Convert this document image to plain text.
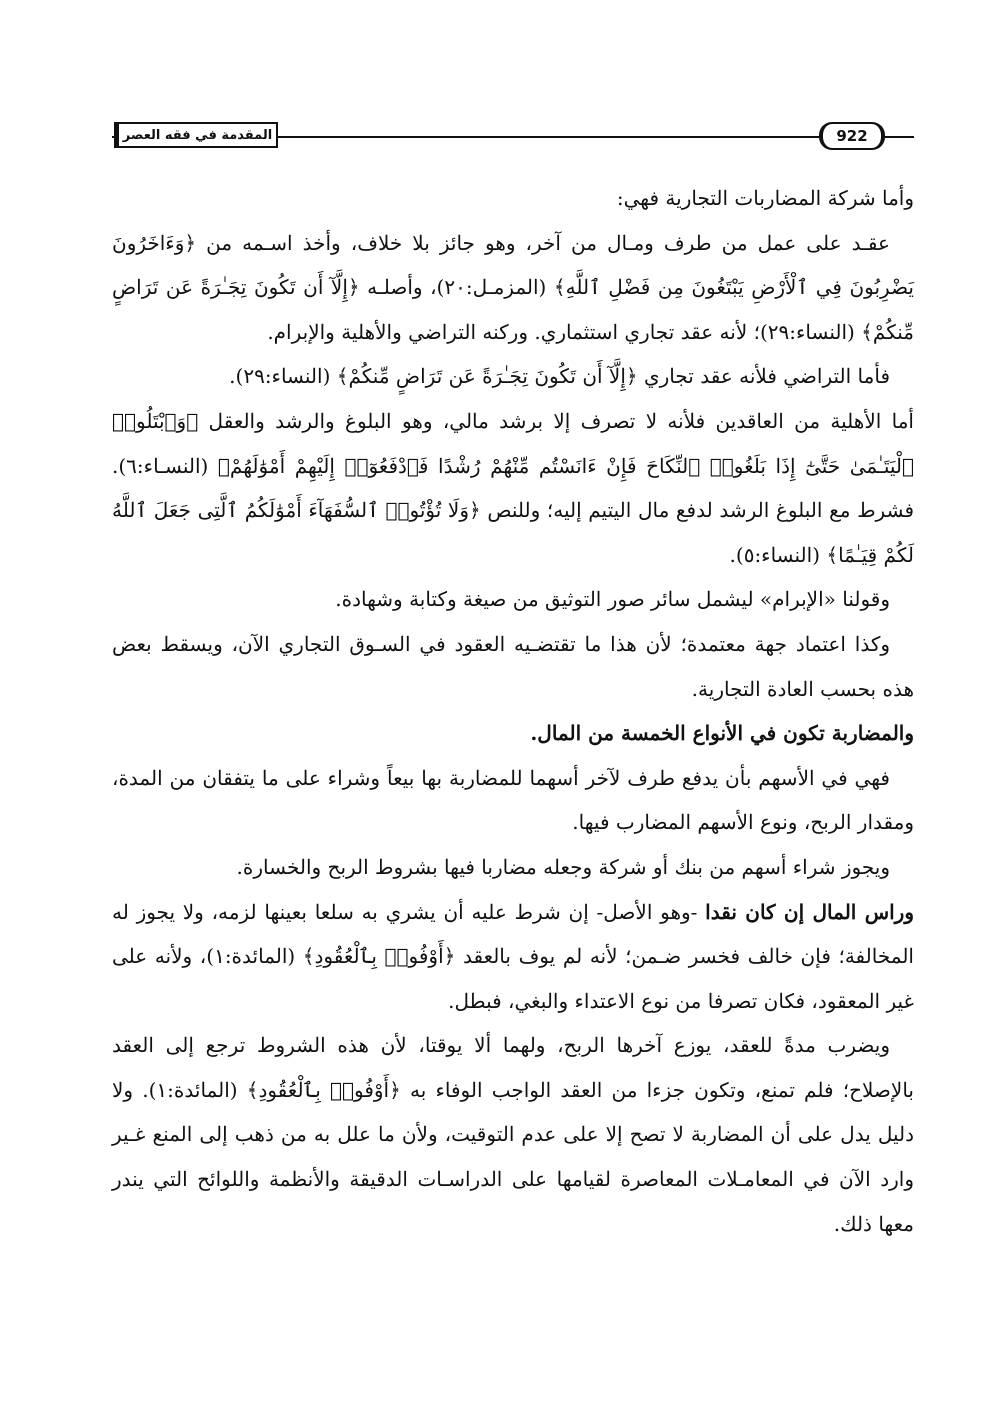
المقدمة في فقه العصر	922

وأما شركة المضاربات التجارية فهي:

عقـد على عمل من طرف ومـال من آخر، وهو جائز بلا خلاف، وأخذ اسـمه من ﴿وَءَاخَرُونَ يَضْرِبُونَ فِي ٱلْأَرْضِ يَبْتَغُونَ مِن فَضْلِ ٱللَّهِ﴾ (المزمـل:٢٠)، وأصلـه ﴿إِلَّآ أَن تَكُونَ تِجَـٰرَةً عَن تَرَاضٍ مِّنكُمْ﴾ (النساء:٢٩)؛ لأنه عقد تجاري استثماري. وركنه التراضي والأهلية والإبرام.

فأما التراضي فلأنه عقد تجاري ﴿إِلَّآ أَن تَكُونَ تِجَـٰرَةً عَن تَرَاضٍ مِّنكُمْ﴾ (النساء:٢٩).

أما الأهلية من العاقدين فلأنه لا تصرف إلا برشد مالي، وهو البلوغ والرشد والعقل ﴿وَٱبْتَلُوا۟ ٱلْيَتَـٰمَىٰ حَتَّىٰٓ إِذَا بَلَغُوا۟ ٱلنِّكَاحَ فَإِنْ ءَانَسْتُم مِّنْهُمْ رُشْدًا فَٱدْفَعُوٓا۟ إِلَيْهِمْ أَمْوَٰلَهُمْ﴾ (النسـاء:٦). فشرط مع البلوغ الرشد لدفع مال اليتيم إليه؛ وللنص ﴿وَلَا تُؤْتُوا۟ ٱلسُّفَهَآءَ أَمْوَٰلَكُمُ ٱلَّتِى جَعَلَ ٱللَّهُ لَكُمْ قِيَـٰمًا﴾ (النساء:٥).

وقولنا «الإبرام» ليشمل سائر صور التوثيق من صيغة وكتابة وشهادة.

وكذا اعتماد جهة معتمدة؛ لأن هذا ما تقتضـيه العقود في السـوق التجاري الآن، ويسقط بعض هذه بحسب العادة التجارية.

والمضاربة تكون في الأنواع الخمسة من المال.

فهي في الأسهم بأن يدفع طرف لآخر أسهما للمضاربة بها بيعاً وشراء على ما يتفقان من المدة، ومقدار الربح، ونوع الأسهم المضارب فيها.

ويجوز شراء أسهم من بنك أو شركة وجعله مضاربا فيها بشروط الربح والخسارة.

وراس المال إن كان نقدا -وهو الأصل- إن شرط عليه أن يشري به سلعا بعينها لزمه، ولا يجوز له المخالفة؛ فإن خالف فخسر ضـمن؛ لأنه لم يوف بالعقد ﴿أَوْفُوا۟ بِٱلْعُقُودِ﴾ (المائدة:١)، ولأنه على غير المعقود، فكان تصرفا من نوع الاعتداء والبغي، فبطل.

ويضرب مدةً للعقد، يوزع آخرها الربح، ولهما ألا يوقتا، لأن هذه الشروط ترجع إلى العقد بالإصلاح؛ فلم تمنع، وتكون جزءا من العقد الواجب الوفاء به ﴿أَوْفُوا۟ بِٱلْعُقُودِ﴾ (المائدة:١). ولا دليل يدل على أن المضاربة لا تصح إلا على عدم التوقيت، ولأن ما علل به من ذهب إلى المنع غـير وارد الآن في المعامـلات المعاصرة لقيامها على الدراسـات الدقيقة والأنظمة واللوائح التي يندر معها ذلك.
